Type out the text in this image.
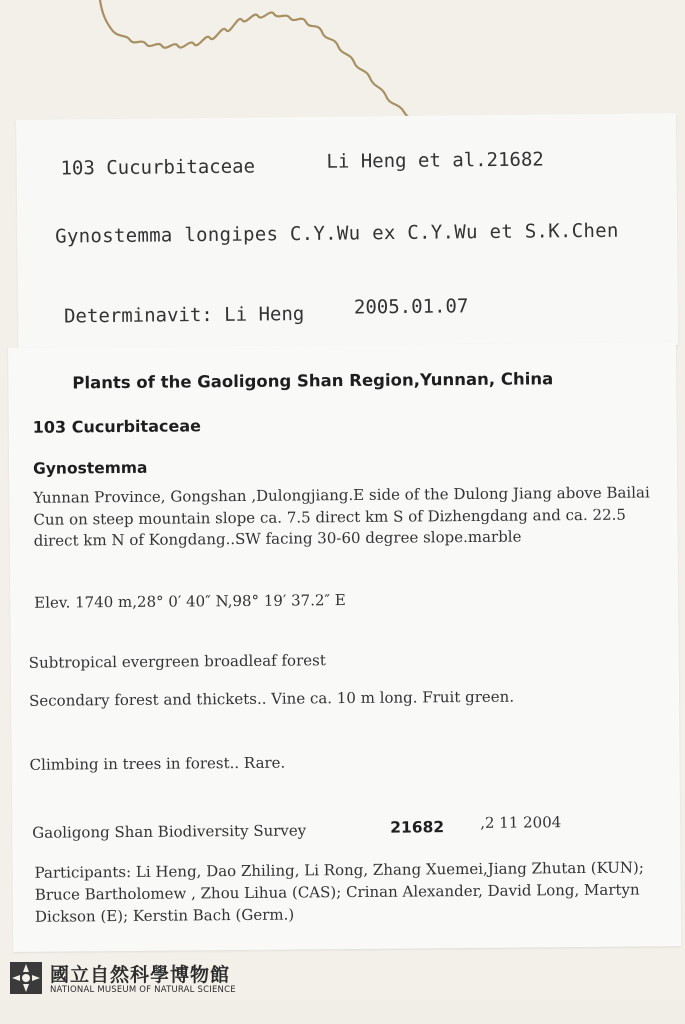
103 Cucurbitaceae	Li Heng et al.21682
Gynostemma longipes C.Y.Wu ex C.Y.Wu et S.K.Chen
Determinavit: Li Heng	2005.01.07
Plants of the Gaoligong Shan Region,Yunnan, China
103 Cucurbitaceae
Gynostemma
Yunnan Province, Gongshan ,Dulongjiang.E side of the Dulong Jiang above Bailai Cun on steep mountain slope ca. 7.5 direct km S of Dizhengdang and ca. 22.5 direct km N of Kongdang..SW facing 30-60 degree slope.marble
Elev. 1740 m,28° 0′ 40″ N,98° 19′ 37.2″ E
Subtropical evergreen broadleaf forest
Secondary forest and thickets.. Vine ca. 10 m long. Fruit green.
Climbing in trees in forest.. Rare.
Gaoligong Shan Biodiversity Survey	21682 ,2 11 2004
Participants: Li Heng, Dao Zhiling, Li Rong, Zhang Xuemei,Jiang Zhutan (KUN); Bruce Bartholomew , Zhou Lihua (CAS); Crinan Alexander, David Long, Martyn Dickson (E); Kerstin Bach (Germ.)
國立自然科學博物館
NATIONAL MUSEUM OF NATURAL SCIENCE
